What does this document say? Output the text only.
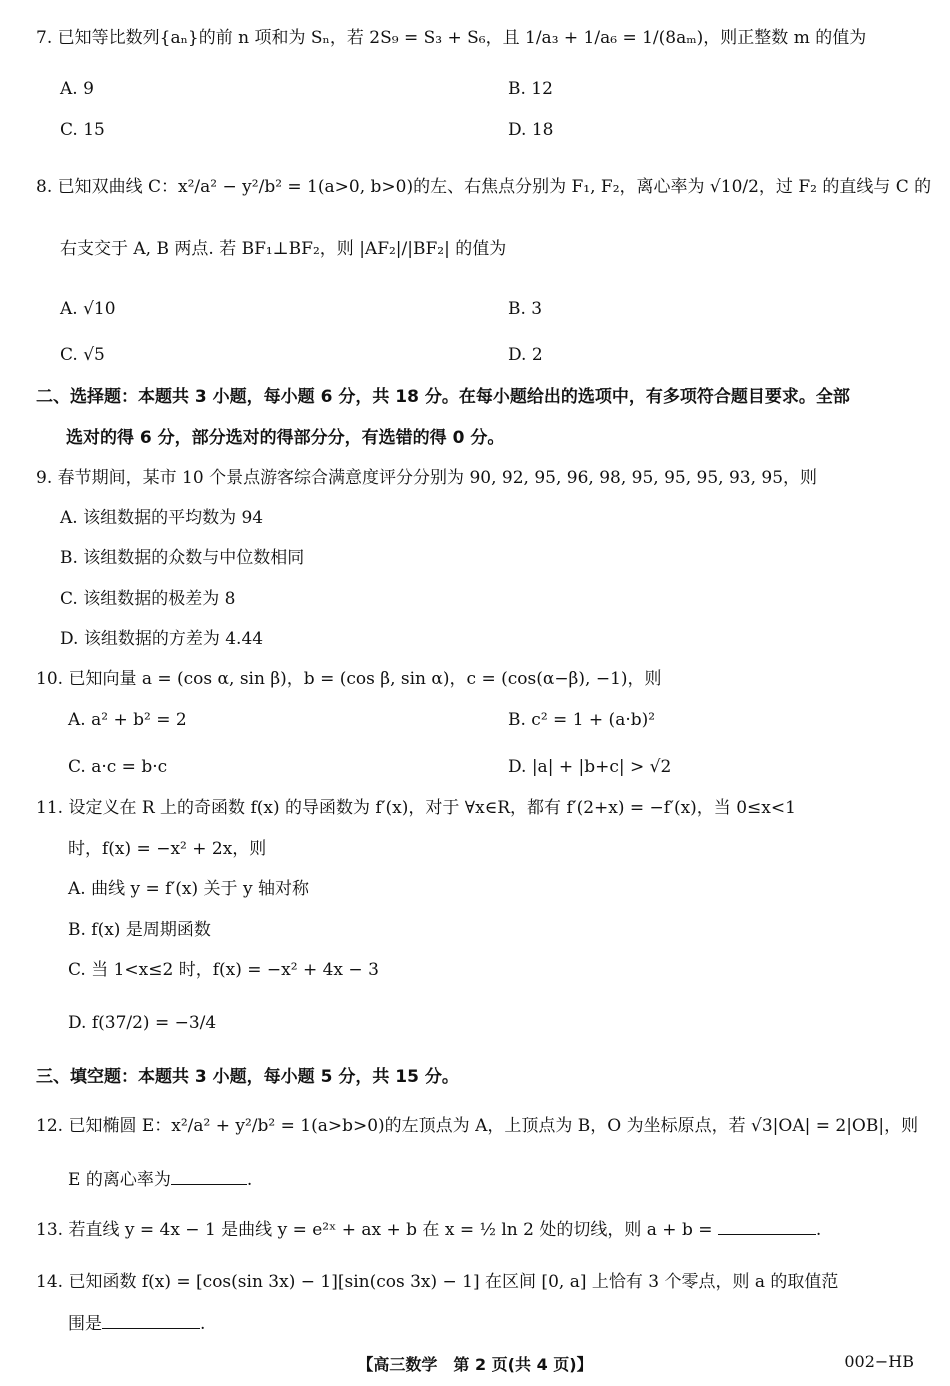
7. 已知等比数列{aₙ}的前 n 项和为 Sₙ，若 2S₉ = S₃ + S₆，且 1/a₃ + 1/a₆ = 1/(8aₘ)，则正整数 m 的值为
A. 9	B. 12
C. 15	D. 18
8. 已知双曲线 C：x²/a² − y²/b² = 1(a>0, b>0)的左、右焦点分别为 F₁, F₂，离心率为 √10/2，过 F₂ 的直线与 C 的
右支交于 A, B 两点. 若 BF₁⊥BF₂，则 |AF₂|/|BF₂| 的值为
A. √10	B. 3
C. √5	D. 2
二、选择题：本题共 3 小题，每小题 6 分，共 18 分。在每小题给出的选项中，有多项符合题目要求。全部
选对的得 6 分，部分选对的得部分分，有选错的得 0 分。
9. 春节期间，某市 10 个景点游客综合满意度评分分别为 90, 92, 95, 96, 98, 95, 95, 95, 93, 95，则
A. 该组数据的平均数为 94
B. 该组数据的众数与中位数相同
C. 该组数据的极差为 8
D. 该组数据的方差为 4.44
10. 已知向量 a = (cos α, sin β)，b = (cos β, sin α)，c = (cos(α−β), −1)，则
A. a² + b² = 2	B. c² = 1 + (a·b)²
C. a·c = b·c	D. |a| + |b+c| > √2
11. 设定义在 R 上的奇函数 f(x) 的导函数为 f′(x)，对于 ∀x∈R，都有 f′(2+x) = −f′(x)，当 0≤x<1
时，f(x) = −x² + 2x，则
A. 曲线 y = f′(x) 关于 y 轴对称
B. f(x) 是周期函数
C. 当 1<x≤2 时，f(x) = −x² + 4x − 3
D. f(37/2) = −3/4
三、填空题：本题共 3 小题，每小题 5 分，共 15 分。
12. 已知椭圆 E：x²/a² + y²/b² = 1(a>b>0)的左顶点为 A，上顶点为 B，O 为坐标原点，若 √3|OA| = 2|OB|，则
E 的离心率为	.
13. 若直线 y = 4x − 1 是曲线 y = e²ˣ + ax + b 在 x = ½ ln 2 处的切线，则 a + b =	.
14. 已知函数 f(x) = [cos(sin 3x) − 1][sin(cos 3x) − 1] 在区间 [0, a] 上恰有 3 个零点，则 a 的取值范
围是	.
【高三数学　第 2 页(共 4 页)】	002−HB
